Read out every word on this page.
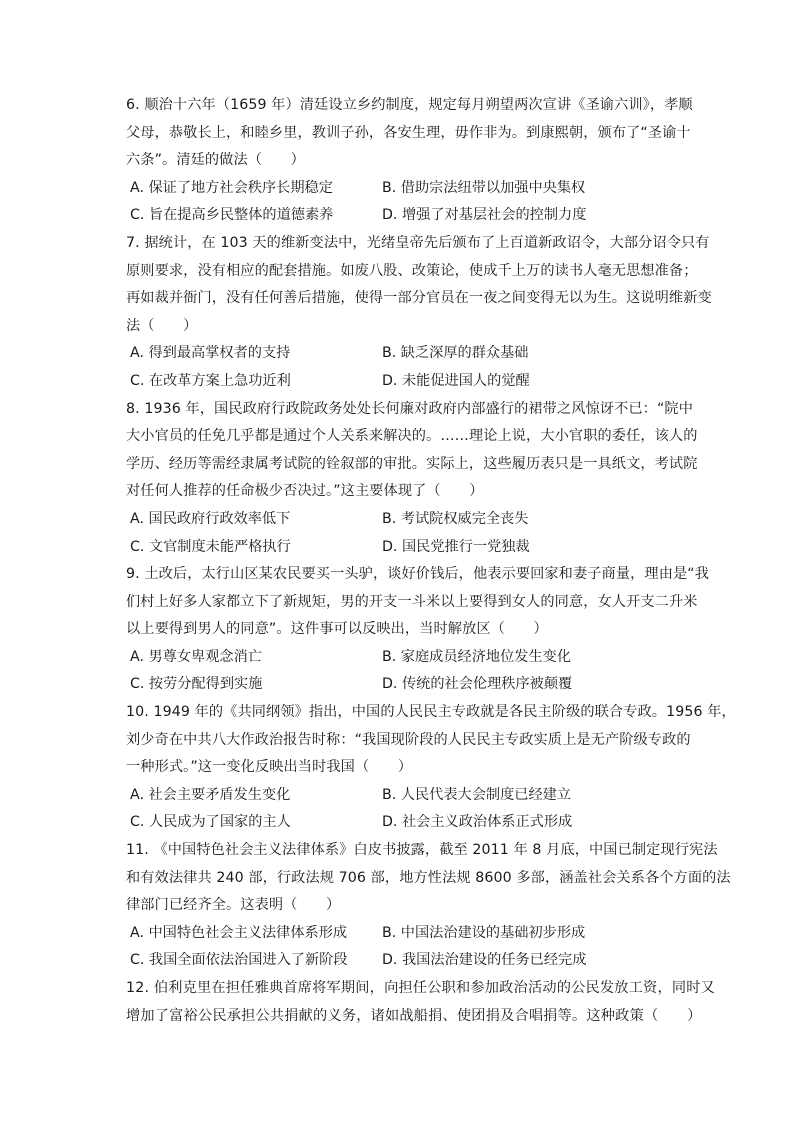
6. 顺治十六年（1659 年）清廷设立乡约制度，规定每月朔望两次宣讲《圣谕六训》，孝顺
父母，恭敬长上，和睦乡里，教训子孙，各安生理，毋作非为。到康熙朝，颁布了“圣谕十
六条”。清廷的做法（　　）
A. 保证了地方社会秩序长期稳定	B. 借助宗法纽带以加强中央集权
C. 旨在提高乡民整体的道德素养	D. 增强了对基层社会的控制力度
7. 据统计，在 103 天的维新变法中，光绪皇帝先后颁布了上百道新政诏令，大部分诏令只有
原则要求，没有相应的配套措施。如废八股、改策论，使成千上万的读书人毫无思想准备；
再如裁并衙门，没有任何善后措施，使得一部分官员在一夜之间变得无以为生。这说明维新变
法（　　）
A. 得到最高掌权者的支持	B. 缺乏深厚的群众基础
C. 在改革方案上急功近利	D. 未能促进国人的觉醒
8. 1936 年，国民政府行政院政务处处长何廉对政府内部盛行的裙带之风惊讶不已：“院中
大小官员的任免几乎都是通过个人关系来解决的。……理论上说，大小官职的委任，该人的
学历、经历等需经隶属考试院的铨叙部的审批。实际上，这些履历表只是一具纸文，考试院
对任何人推荐的任命极少否决过。”这主要体现了（　　）
A. 国民政府行政效率低下	B. 考试院权威完全丧失
C. 文官制度未能严格执行	D. 国民党推行一党独裁
9. 土改后，太行山区某农民要买一头驴，谈好价钱后，他表示要回家和妻子商量，理由是“我
们村上好多人家都立下了新规矩，男的开支一斗米以上要得到女人的同意，女人开支二升米
以上要得到男人的同意”。这件事可以反映出，当时解放区（　　）
A. 男尊女卑观念消亡	B. 家庭成员经济地位发生变化
C. 按劳分配得到实施	D. 传统的社会伦理秩序被颠覆
10. 1949 年的《共同纲领》指出，中国的人民民主专政就是各民主阶级的联合专政。1956 年，
刘少奇在中共八大作政治报告时称：“我国现阶段的人民民主专政实质上是无产阶级专政的
一种形式。”这一变化反映出当时我国（　　）
A. 社会主要矛盾发生变化	B. 人民代表大会制度已经建立
C. 人民成为了国家的主人	D. 社会主义政治体系正式形成
11. 《中国特色社会主义法律体系》白皮书披露，截至 2011 年 8 月底，中国已制定现行宪法
和有效法律共 240 部，行政法规 706 部，地方性法规 8600 多部，涵盖社会关系各个方面的法
律部门已经齐全。这表明（　　）
A. 中国特色社会主义法律体系形成 B. 中国法治建设的基础初步形成
C. 我国全面依法治国进入了新阶段 D. 我国法治建设的任务已经完成
12. 伯利克里在担任雅典首席将军期间，向担任公职和参加政治活动的公民发放工资，同时又
增加了富裕公民承担公共捐献的义务，诸如战船捐、使团捐及合唱捐等。这种政策（　　）
